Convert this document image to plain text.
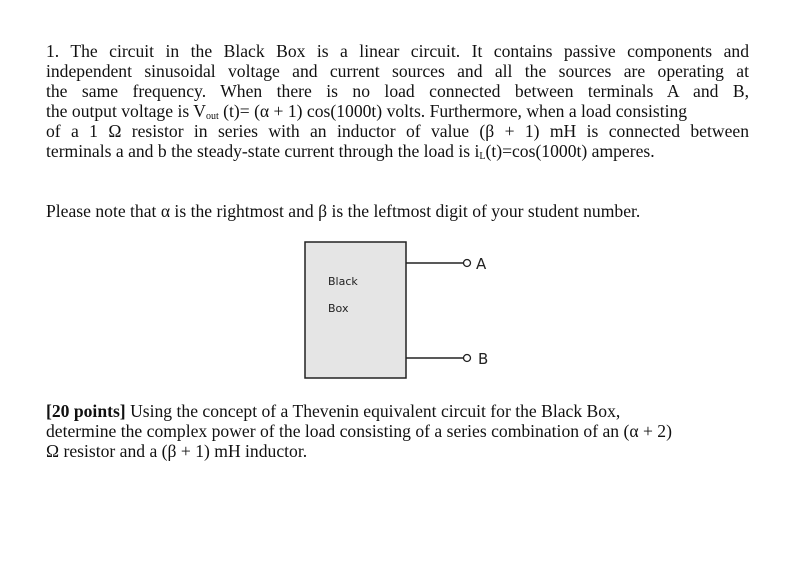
1. The circuit in the Black Box is a linear circuit. It contains passive components and
independent sinusoidal voltage and current sources and all the sources are operating at
the same frequency. When there is no load connected between terminals A and B,
the output voltage is $V_{out}$ (t)= (α + 1) cos(1000t) volts. Furthermore, when a load consisting
of a 1 Ω resistor in series with an inductor of value (β + 1) mH is connected between
terminals a and b the steady-state current through the load is $i_L(t)=\cos(1000t)$ amperes.
Please note that α is the rightmost and β is the leftmost digit of your student number.
Black
Box
A
B
[20 points] Using the concept of a Thevenin equivalent circuit for the Black Box,
determine the complex power of the load consisting of a series combination of an (α + 2)
Ω resistor and a (β + 1) mH inductor.
